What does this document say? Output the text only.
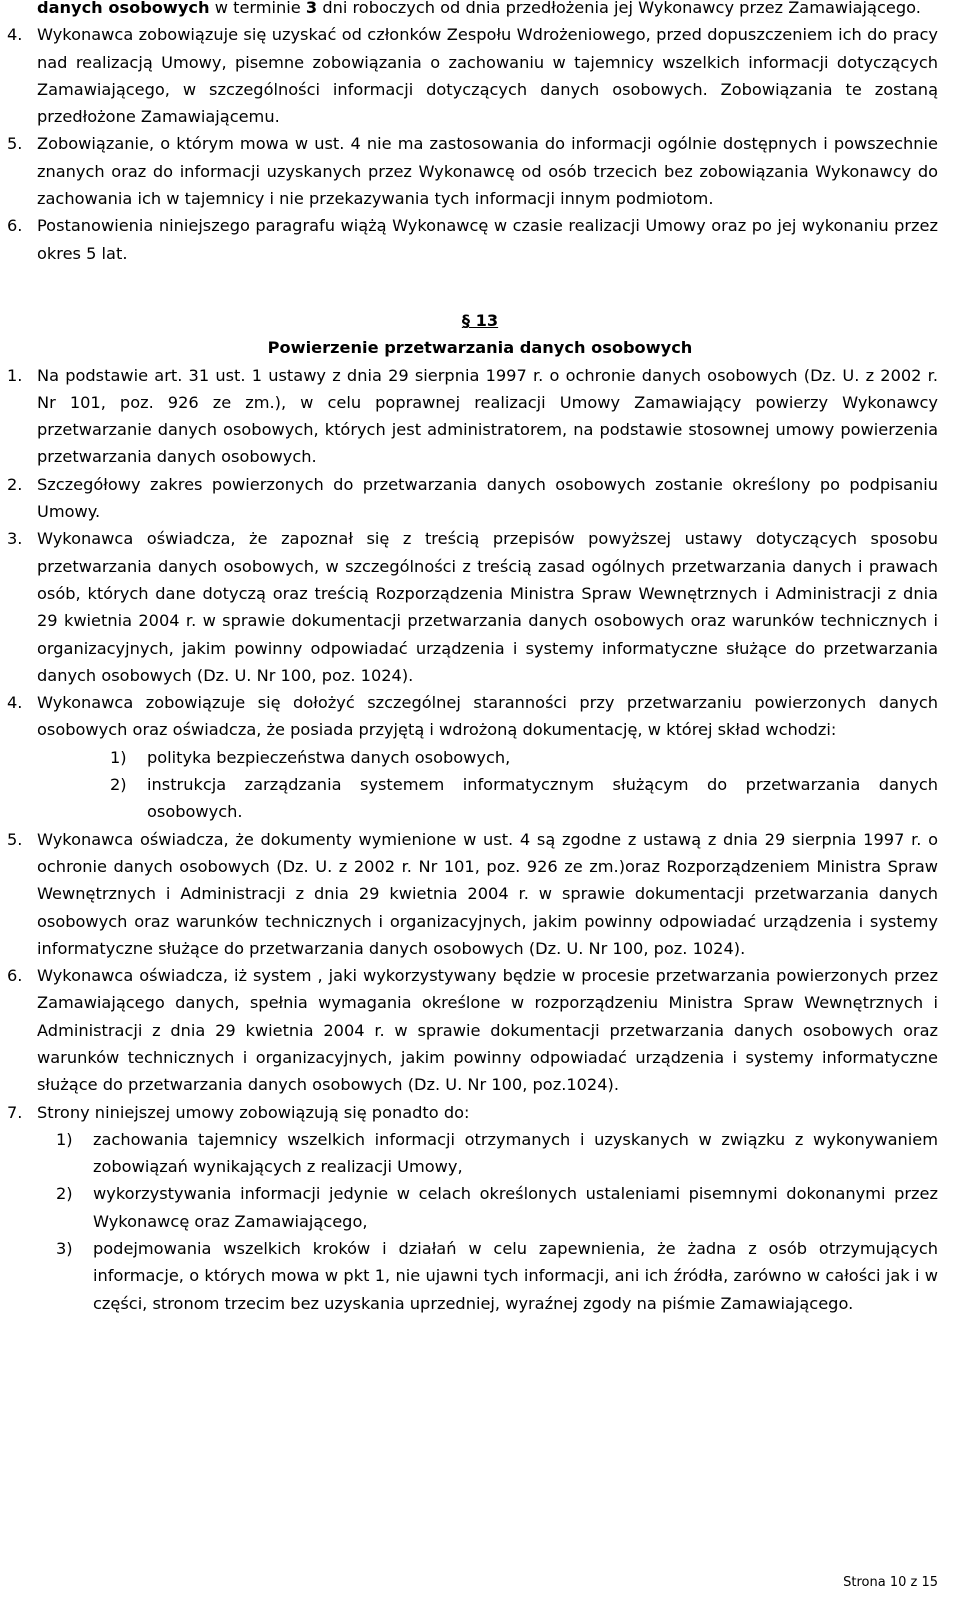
danych osobowych w terminie 3 dni roboczych od dnia przedłożenia jej Wykonawcy przez Zamawiającego.

4. Wykonawca zobowiązuje się uzyskać od członków Zespołu Wdrożeniowego, przed dopuszczeniem ich do pracy nad realizacją Umowy, pisemne zobowiązania o zachowaniu w tajemnicy wszelkich informacji dotyczących Zamawiającego, w szczególności informacji dotyczących danych osobowych. Zobowiązania te zostaną przedłożone Zamawiającemu.

5. Zobowiązanie, o którym mowa w ust. 4 nie ma zastosowania do informacji ogólnie dostępnych i powszechnie znanych oraz do informacji uzyskanych przez Wykonawcę od osób trzecich bez zobowiązania Wykonawcy do zachowania ich w tajemnicy i nie przekazywania tych informacji innym podmiotom.

6. Postanowienia niniejszego paragrafu wiążą Wykonawcę w czasie realizacji Umowy oraz po jej wykonaniu przez okres 5 lat.

§ 13

Powierzenie przetwarzania danych osobowych

1. Na podstawie art. 31 ust. 1 ustawy z dnia 29 sierpnia 1997 r. o ochronie danych osobowych (Dz. U. z 2002 r. Nr 101, poz. 926 ze zm.), w celu poprawnej realizacji Umowy Zamawiający powierzy Wykonawcy przetwarzanie danych osobowych, których jest administratorem, na podstawie stosownej umowy powierzenia przetwarzania danych osobowych.

2. Szczegółowy zakres powierzonych do przetwarzania danych osobowych zostanie określony po podpisaniu Umowy.

3. Wykonawca oświadcza, że zapoznał się z treścią przepisów powyższej ustawy dotyczących sposobu przetwarzania danych osobowych, w szczególności z treścią zasad ogólnych przetwarzania danych i prawach osób, których dane dotyczą oraz treścią Rozporządzenia Ministra Spraw Wewnętrznych i Administracji z dnia 29 kwietnia 2004 r. w sprawie dokumentacji przetwarzania danych osobowych oraz warunków technicznych i organizacyjnych, jakim powinny odpowiadać urządzenia i systemy informatyczne służące do przetwarzania danych osobowych (Dz. U. Nr 100, poz. 1024).

4. Wykonawca zobowiązuje się dołożyć szczególnej staranności przy przetwarzaniu powierzonych danych osobowych oraz oświadcza, że posiada przyjętą i wdrożoną dokumentację, w której skład wchodzi:

1) polityka bezpieczeństwa danych osobowych,

2) instrukcja zarządzania systemem informatycznym służącym do przetwarzania danych osobowych.

5. Wykonawca oświadcza, że dokumenty wymienione w ust. 4 są zgodne z ustawą z dnia 29 sierpnia 1997 r. o ochronie danych osobowych (Dz. U. z 2002 r. Nr 101, poz. 926 ze zm.)oraz Rozporządzeniem Ministra Spraw Wewnętrznych i Administracji z dnia 29 kwietnia 2004 r. w sprawie dokumentacji przetwarzania danych osobowych oraz warunków technicznych i organizacyjnych, jakim powinny odpowiadać urządzenia i systemy informatyczne służące do przetwarzania danych osobowych (Dz. U. Nr 100, poz. 1024).

6. Wykonawca oświadcza, iż system , jaki wykorzystywany będzie w procesie przetwarzania powierzonych przez Zamawiającego danych, spełnia wymagania określone w rozporządzeniu Ministra Spraw Wewnętrznych i Administracji z dnia 29 kwietnia 2004 r. w sprawie dokumentacji przetwarzania danych osobowych oraz warunków technicznych i organizacyjnych, jakim powinny odpowiadać urządzenia i systemy informatyczne służące do przetwarzania danych osobowych (Dz. U. Nr 100, poz.1024).

7. Strony niniejszej umowy zobowiązują się ponadto do:

1) zachowania tajemnicy wszelkich informacji otrzymanych i uzyskanych w związku z wykonywaniem zobowiązań wynikających z realizacji Umowy,

2) wykorzystywania informacji jedynie w celach określonych ustaleniami pisemnymi dokonanymi przez Wykonawcę oraz Zamawiającego,

3) podejmowania wszelkich kroków i działań w celu zapewnienia, że żadna z osób otrzymujących informacje, o których mowa w pkt 1, nie ujawni tych informacji, ani ich źródła, zarówno w całości jak i w części, stronom trzecim bez uzyskania uprzedniej, wyraźnej zgody na piśmie Zamawiającego.

Strona 10 z 15
